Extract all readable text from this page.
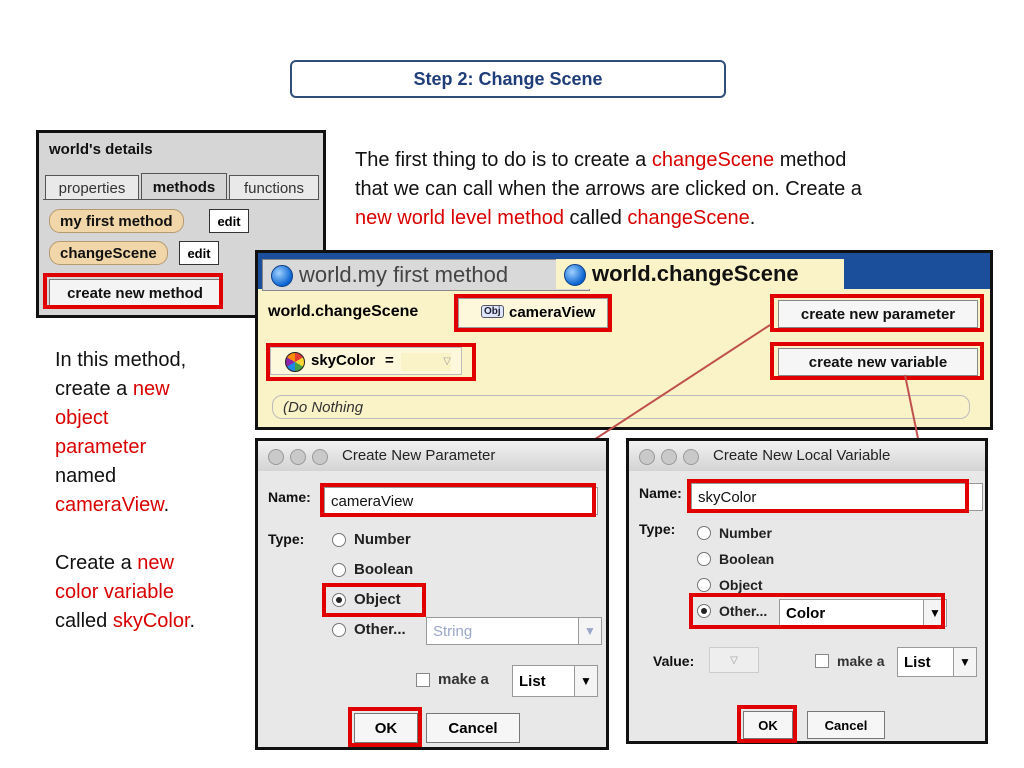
Step 2: Change Scene
world's details
properties	methods	functions
my first method	edit
changeScene	edit
create new method
The first thing to do is to create a changeScene method
that we can call when the arrows are clicked on. Create a
new world level method called changeScene.
In this method,
create a new
object
parameter
named
cameraView.
Create a new
color variable
called skyColor.
world.my first method	world.changeScene
world.changeScene	Obj cameraView	create new parameter
skyColor =	▽	create new variable
(Do Nothing
Create New Parameter
Name:	cameraView
Type:	Number
Boolean
Object
Other... String	▼
make a List	▼
OK	Cancel
Create New Local Variable
Name:	skyColor
Type:	Number
Boolean
Object
Other... Color	▼
Value:	▽	make a List	▼
OK	Cancel
